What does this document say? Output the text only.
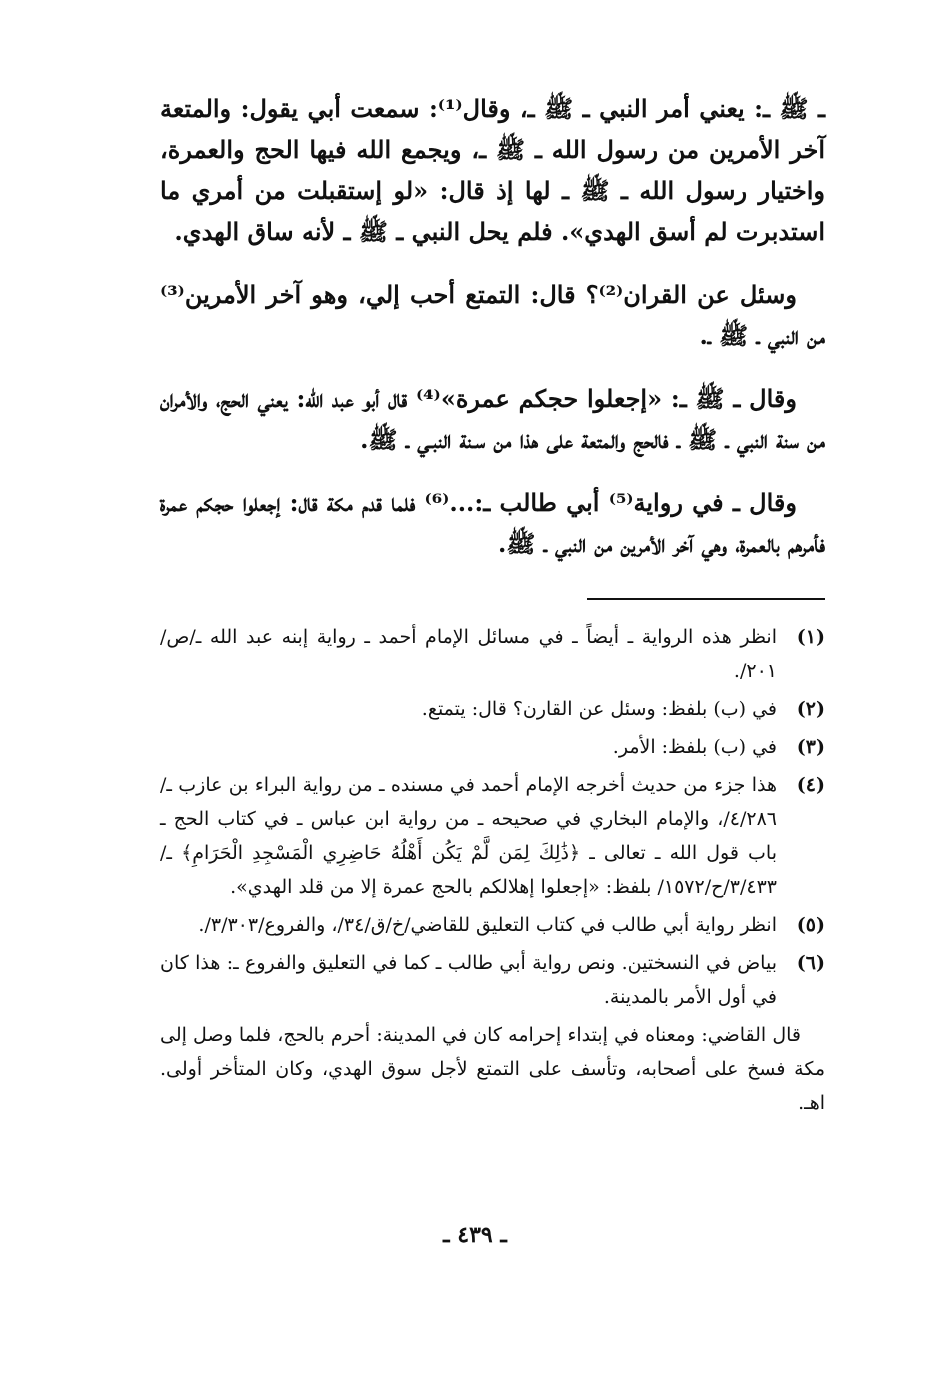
ـ ﷺ ـ: يعني أمر النبي ـ ﷺ ـ، وقال⁽¹⁾: سمعت أبي يقول: والمتعة آخر الأمرين من رسول الله ـ ﷺ ـ، ويجمع الله فيها الحج والعمرة، واختيار رسول الله ـ ﷺ ـ لها إذ قال: «لو إستقبلت من أمري ما استدبرت لم أسق الهدي». فلم يحل النبي ـ ﷺ ـ لأنه ساق الهدي.

وسئل عن القران⁽²⁾؟ قال: التمتع أحب إلي، وهو آخر الأمرين⁽³⁾ من النبي ـ ﷺ ـ.

وقال ـ ﷺ ـ: «إجعلوا حجكم عمرة»⁽⁴⁾ قال أبو عبد الله: يعني الحج، والأمران من سنة النبي ـ ﷺ ـ فالحج والمتعة على هذا من سـنة النبـي ـ ﷺ.

وقال ـ في رواية⁽⁵⁾ أبي طالب ـ:...⁽⁶⁾ فلما قدم مكة قال: إجعلوا حجكم عمرة فأمرهم بالعمرة، وهي آخر الأمرين من النبي ـ ﷺ.

(١)
انظر هذه الرواية ـ أيضاً ـ في مسائل الإمام أحمد ـ رواية إبنه عبد الله ـ/ص/٢٠١/.
(٢)
في (ب) بلفظ: وسئل عن القارن؟ قال: يتمتع.
(٣)
في (ب) بلفظ: الأمر.
(٤)
هذا جزء من حديث أخرجه الإمام أحمد في مسنده ـ من رواية البراء بن عازب ـ/٤/٢٨٦/، والإمام البخاري في صحيحه ـ من رواية ابن عباس ـ في كتاب الحج ـ باب قول الله ـ تعالى ـ ﴿ذَٰلِكَ لِمَن لَّمْ يَكُن أَهْلُهُ حَاضِرِي الْمَسْجِدِ الْحَرَامِ﴾ ـ/٣/٤٣٣/ح/١٥٧٢/ بلفظ: «إجعلوا إهلالكم بالحج عمرة إلا من قلد الهدي».
(٥)
انظر رواية أبي طالب في كتاب التعليق للقاضي/خ/ق/٣٤/، والفروع/٣/٣٠٣/.
(٦)
بياض في النسختين. ونص رواية أبي طالب ـ كما في التعليق والفروع ـ: هذا كان في أول الأمر بالمدينة.

قال القاضي: ومعناه في إبتداء إحرامه كان في المدينة: أحرم بالحج، فلما وصل إلى مكة فسخ على أصحابه، وتأسف على التمتع لأجل سوق الهدي، وكان المتأخر أولى. اهـ.

ـ ٤٣٩ ـ
